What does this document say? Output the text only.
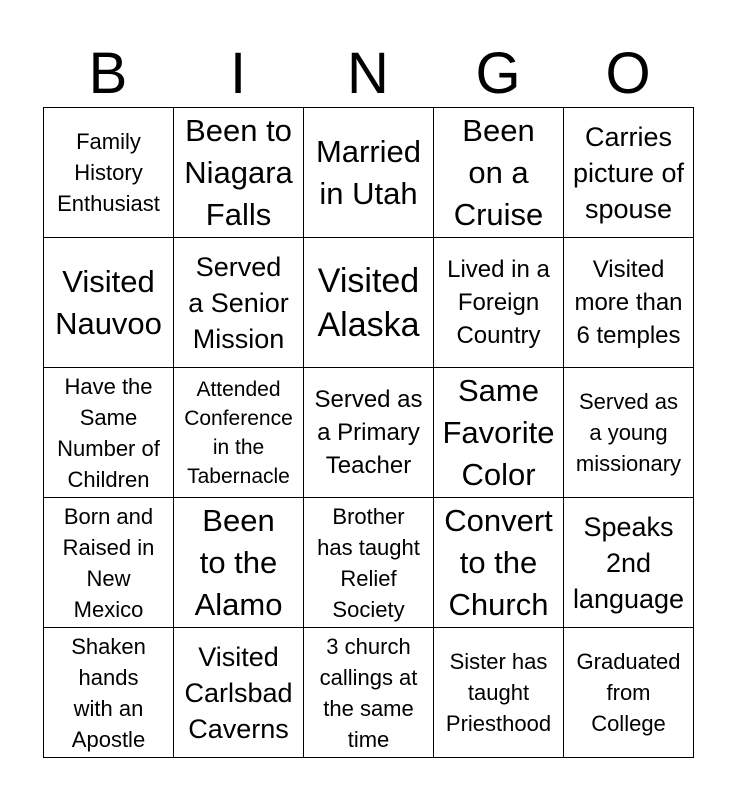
B	I	N	G	O
Family
History
Enthusiast	Been to
Niagara
Falls	Married
in Utah	Been
on a
Cruise	Carries
picture of
spouse

Visited
Nauvoo	Served
a Senior
Mission	Visited
Alaska	Lived in a
Foreign
Country	Visited
more than
6 temples

Have the
Same
Number of
Children	Attended
Conference
in the
Tabernacle	Served as
a Primary
Teacher	Same
Favorite
Color	Served as
a young
missionary

Born and
Raised in
New
Mexico	Been
to the
Alamo	Brother
has taught
Relief
Society	Convert
to the
Church	Speaks
2nd
language

Shaken
hands
with an
Apostle	Visited
Carlsbad
Caverns	3 church
callings at
the same
time	Sister has
taught
Priesthood	Graduated
from
College
